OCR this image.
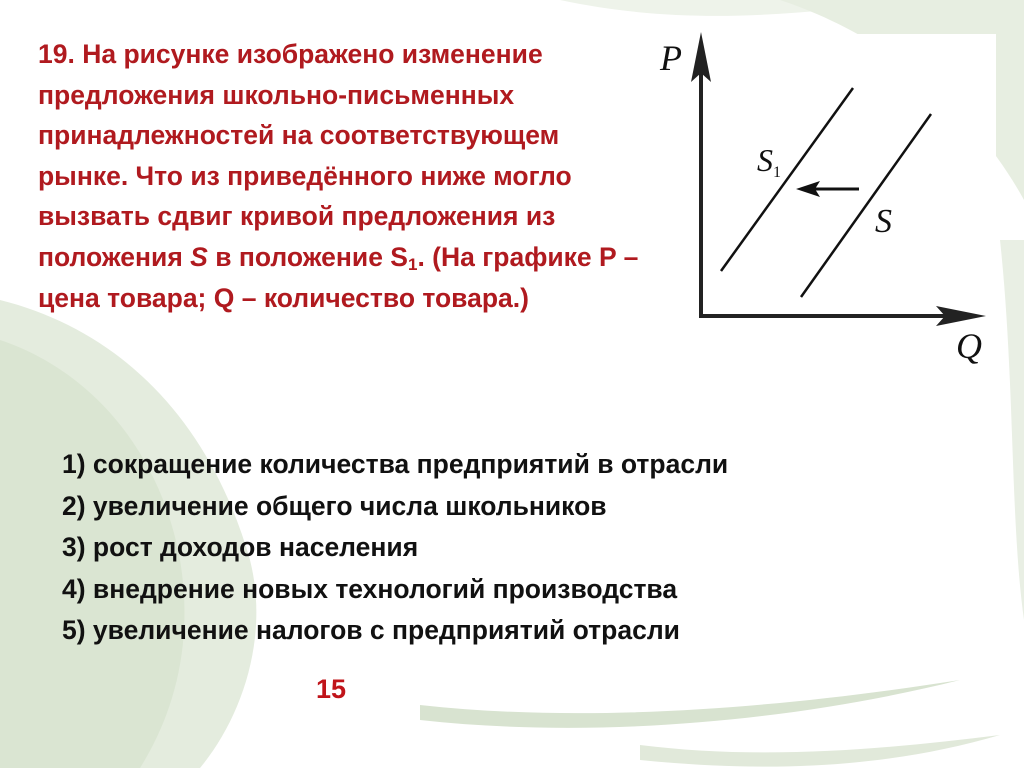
19. На рисунке изображено изменение предложения школьно-письменных принадлежностей на соответствующем рынке. Что из приведённого ниже могло вызвать сдвиг кривой предложения из положения S в положение $S_1$. (На графике P – цена товара; Q – количество товара.)

P
Q
$S_1$
S
1) сокращение количества предприятий в отрасли
2) увеличение общего числа школьников
3) рост доходов населения
4) внедрение новых технологий производства
5) увеличение налогов с предприятий отрасли
15
